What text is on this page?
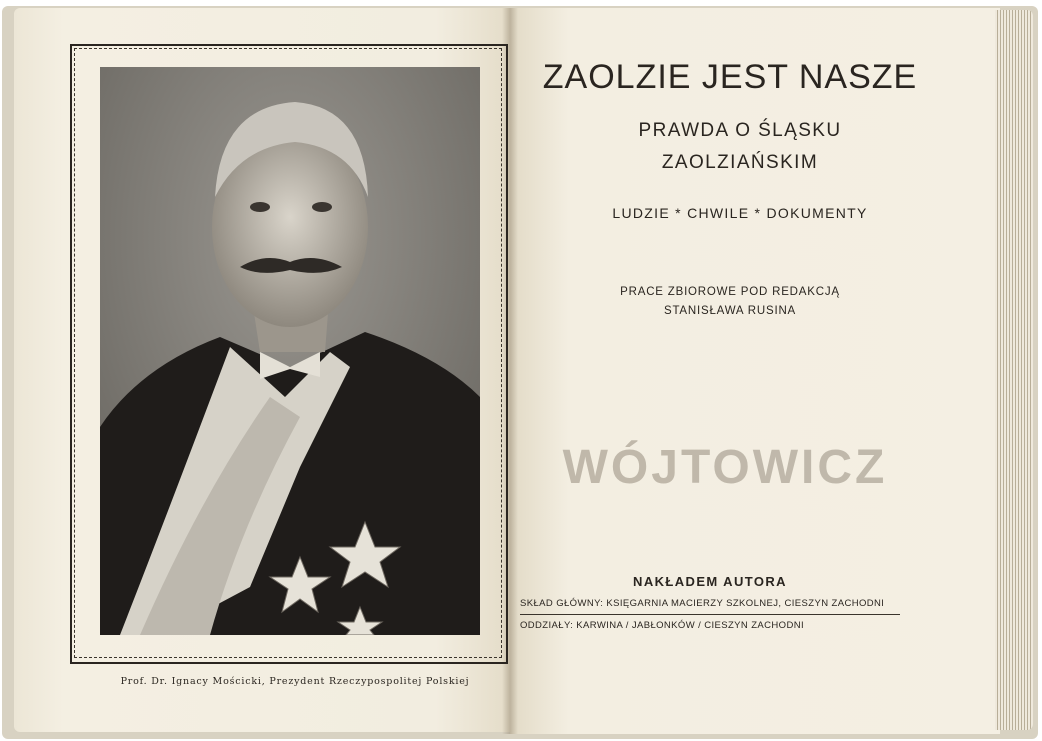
Prof. Dr. Ignacy Mościcki, Prezydent Rzeczypospolitej Polskiej
ZAOLZIE JEST NASZE
PRAWDA O ŚLĄSKU
ZAOLZIAŃSKIM
LUDZIE * CHWILE * DOKUMENTY
PRACE ZBIOROWE POD REDAKCJĄ
STANISŁAWA RUSINA
WÓJTOWICZ
NAKŁADEM AUTORA
SKŁAD GŁÓWNY: KSIĘGARNIA MACIERZY SZKOLNEJ, CIESZYN ZACHODNI
ODDZIAŁY: KARWINA / JABŁONKÓW / CIESZYN ZACHODNI
